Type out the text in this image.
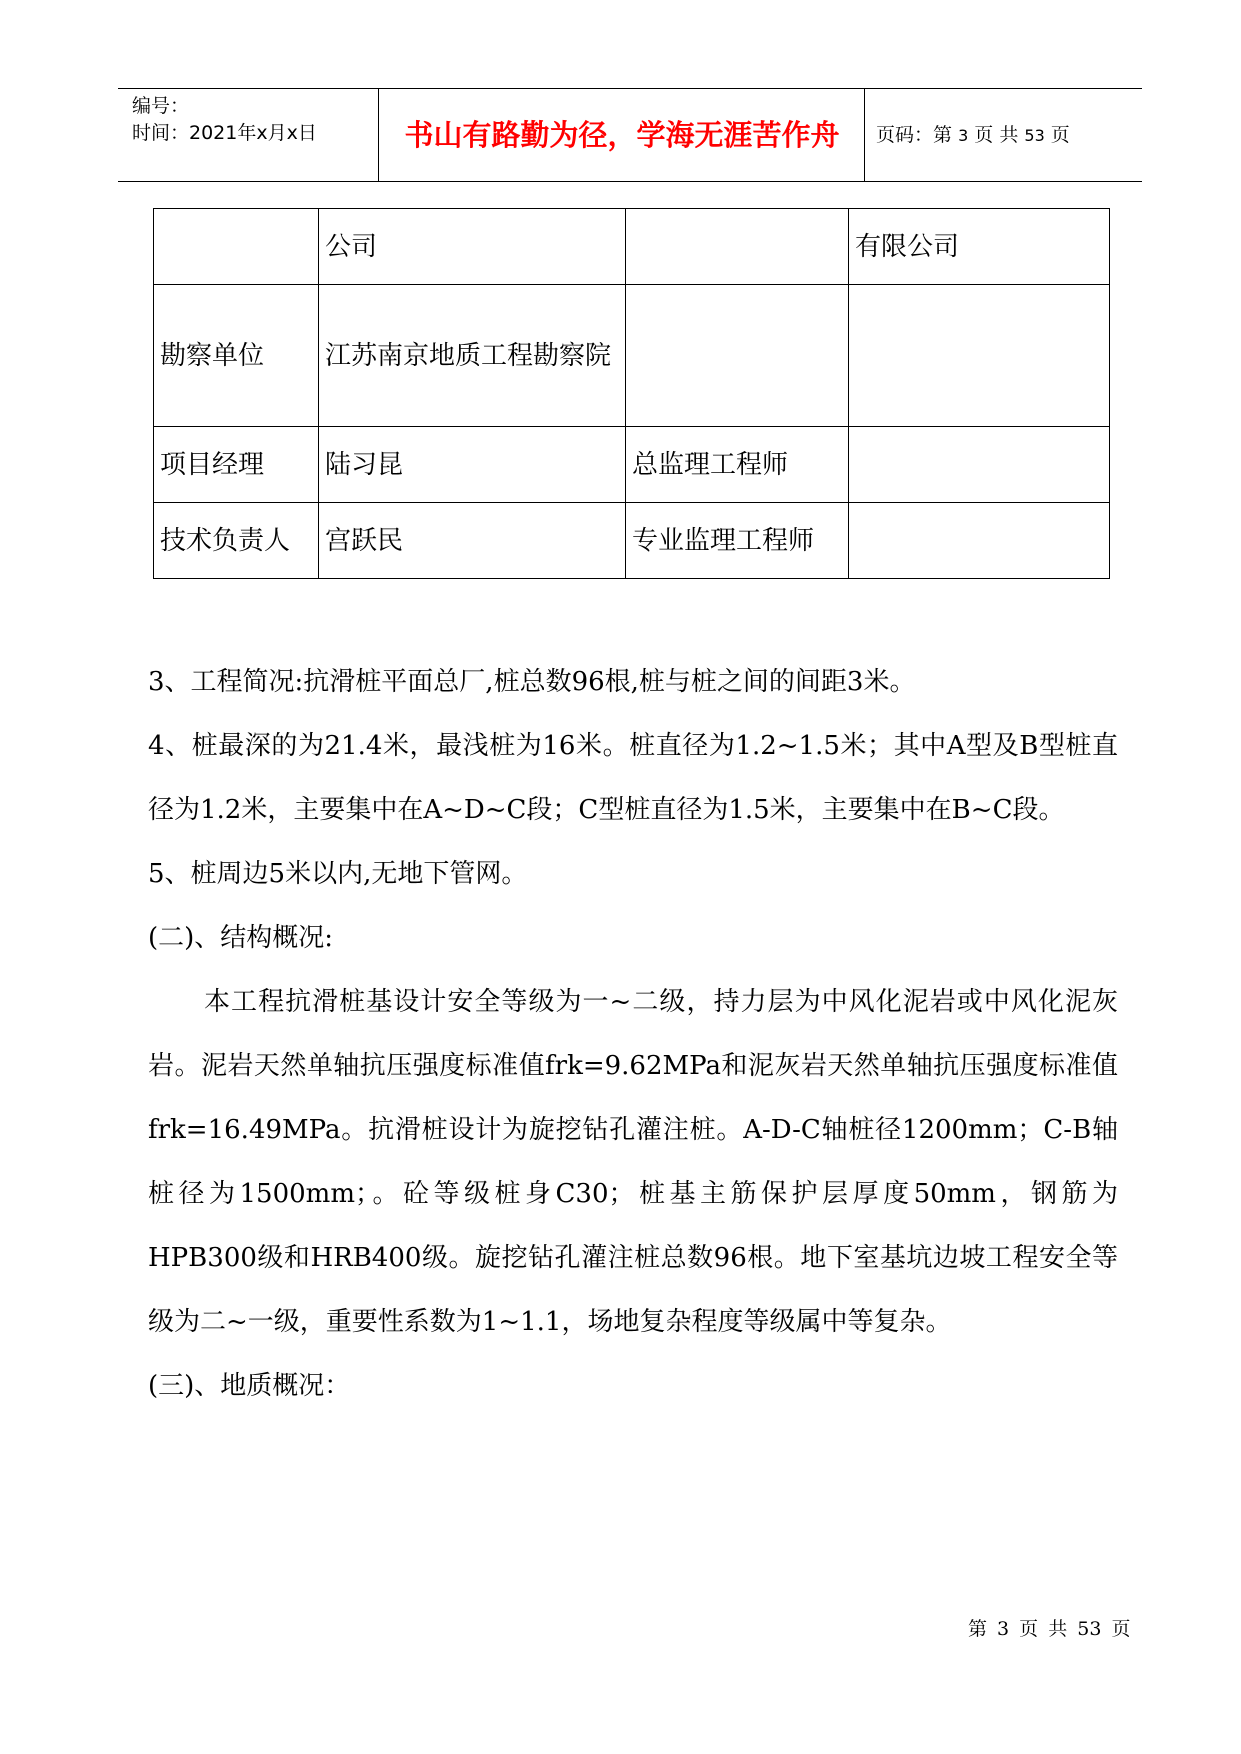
编号：
时间：2021年x月x日	书山有路勤为径，学海无涯苦作舟	页码：第 3 页 共 53 页
	公司		有限公司
勘察单位	江苏南京地质工程勘察院		
项目经理	陆习昆	总监理工程师	
技术负责人	宫跃民	专业监理工程师	

3、工程简况:抗滑桩平面总厂,桩总数96根,桩与桩之间的间距3米。

4、桩最深的为21.4米，最浅桩为16米。桩直径为1.2~1.5米；其中A型及B型桩直径为1.2米，主要集中在A~D~C段；C型桩直径为1.5米，主要集中在B~C段。

5、桩周边5米以内,无地下管网。

(二)、结构概况:

本工程抗滑桩基设计安全等级为一~二级，持力层为中风化泥岩或中风化泥灰岩。泥岩天然单轴抗压强度标准值frk=9.62MPa和泥灰岩天然单轴抗压强度标准值frk=16.49MPa。抗滑桩设计为旋挖钻孔灌注桩。A-D-C轴桩径1200mm；C-B轴桩径为1500mm；。砼等级桩身C30；桩基主筋保护层厚度50mm，钢筋为HPB300级和HRB400级。旋挖钻孔灌注桩总数96根。地下室基坑边坡工程安全等级为二~一级，重要性系数为1~1.1，场地复杂程度等级属中等复杂。

(三)、地质概况：

第 3 页 共 53 页
